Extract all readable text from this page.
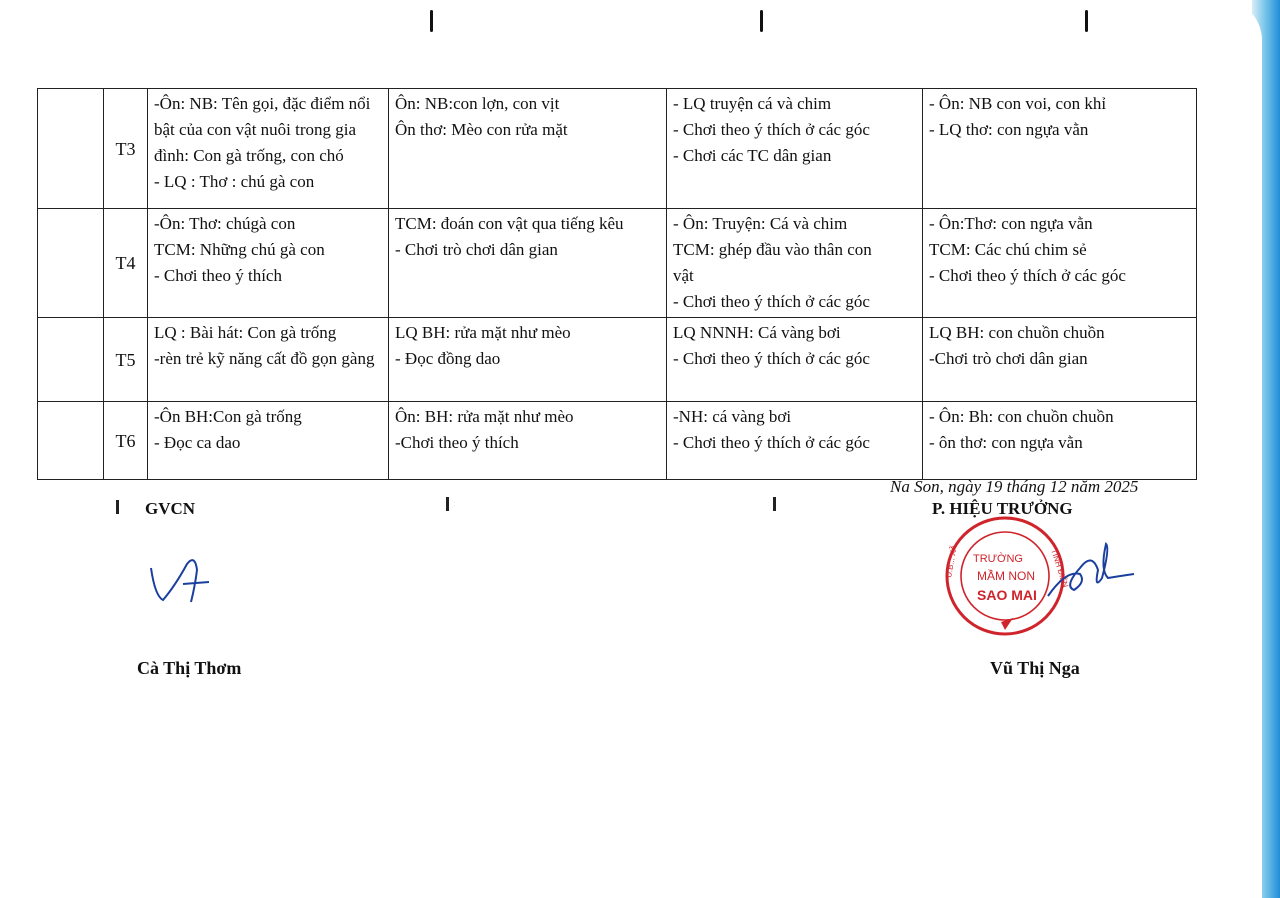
	T3	-Ôn: NB: Tên gọi, đặc điểm nổi
bật của con vật nuôi trong gia
đình: Con gà trống, con chó
- LQ : Thơ : chú gà con	Ôn: NB:con lợn, con vịt
Ôn thơ: Mèo con rửa mặt	- LQ truyện cá và chim
- Chơi theo ý thích ở các góc
- Chơi các TC dân gian	- Ôn: NB con voi, con khỉ
- LQ thơ: con ngựa vằn

	T4	-Ôn: Thơ: chúgà con
TCM: Những chú gà con
- Chơi theo ý thích	TCM: đoán con vật qua tiếng kêu
- Chơi trò chơi dân gian	- Ôn: Truyện: Cá và chim
TCM: ghép đầu vào thân con
vật
- Chơi theo ý thích ở các góc	- Ôn:Thơ: con ngựa vằn
TCM: Các chú chim sẻ
- Chơi theo ý thích ở các góc

	T5	LQ : Bài hát: Con gà trống
-rèn trẻ kỹ năng cất đồ gọn gàng	LQ BH: rửa mặt như mèo
- Đọc đồng dao	LQ NNNH: Cá vàng bơi
- Chơi theo ý thích ở các góc	LQ BH: con chuồn chuồn
-Chơi trò chơi dân gian

	T6	-Ôn BH:Con gà trống
- Đọc ca dao	Ôn: BH: rửa mặt như mèo
-Chơi theo ý thích	-NH: cá vàng bơi
- Chơi theo ý thích ở các góc	- Ôn: Bh: con chuồn chuồn
- ôn thơ: con ngựa vằn
Na Son, ngày 19 tháng 12 năm 2025
GVCN	P. HIỆU TRƯỞNG
TRƯỜNG
MẦM NON
SAO MAI
U.B... XÃ	TỈNH ĐIỆN
Cà Thị Thơm	Vũ Thị Nga
